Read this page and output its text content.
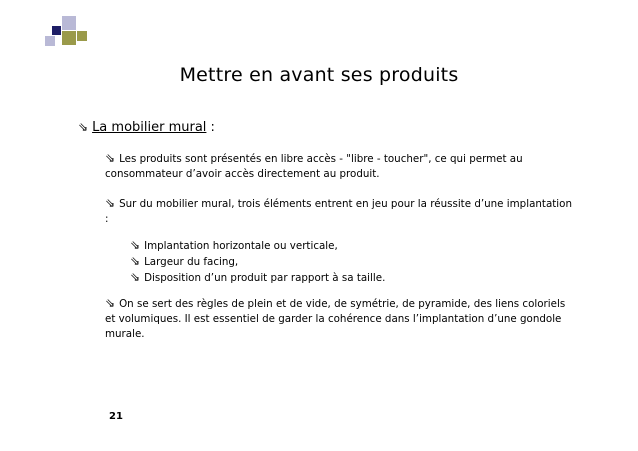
Mettre en avant ses produits
⇘ La mobilier mural :
⇘ Les produits sont présentés en libre accès - "libre - toucher", ce qui permet au consommateur d’avoir accès directement au produit.
⇘ Sur du mobilier mural, trois éléments entrent en jeu pour la réussite d’une implantation :
⇘ Implantation horizontale ou verticale,
⇘ Largeur du facing,
⇘ Disposition d’un produit par rapport à sa taille.
⇘ On se sert des règles de plein et de vide, de symétrie, de pyramide, des liens coloriels et volumiques. Il est essentiel de garder la cohérence dans l’implantation d’une gondole murale.
21
